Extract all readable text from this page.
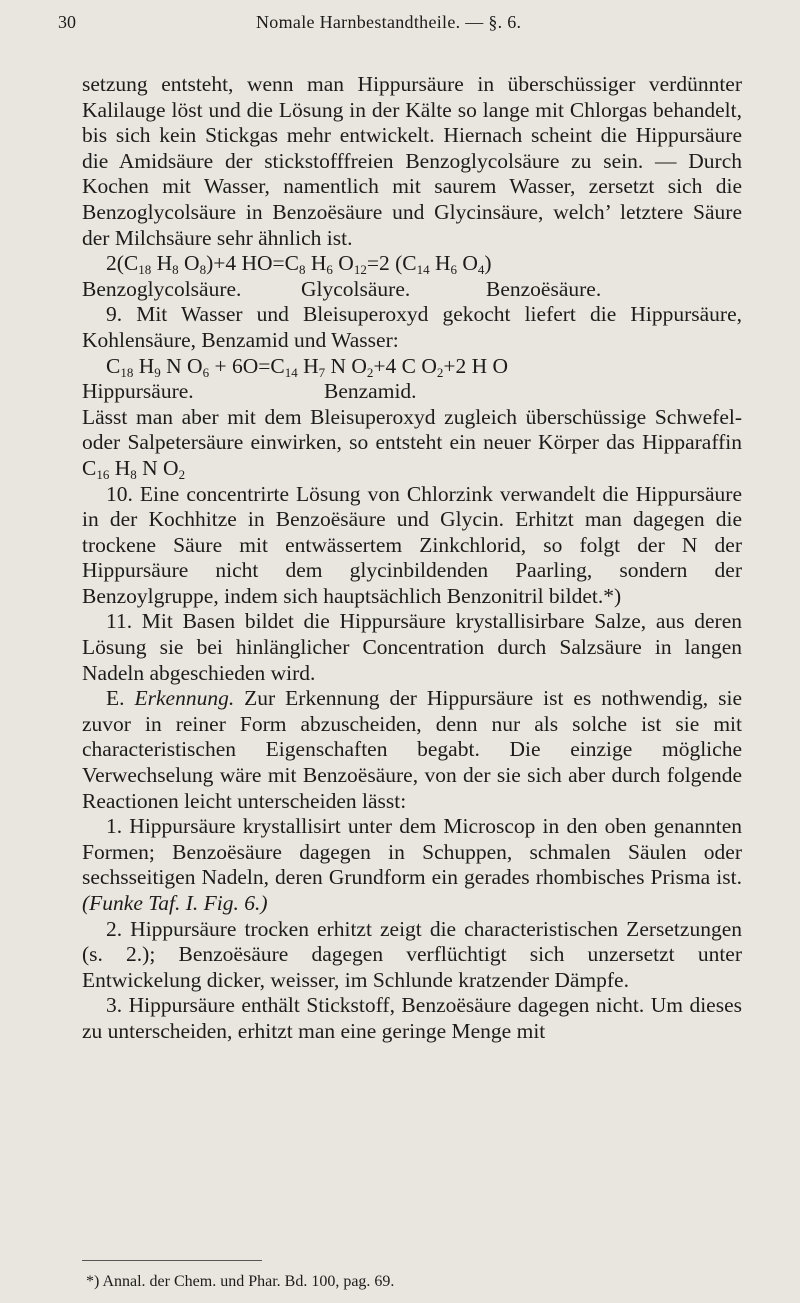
30	Nomale Harnbestandtheile. — §. 6.

setzung entsteht, wenn man Hippursäure in überschüssiger verdünnter Kalilauge löst und die Lösung in der Kälte so lange mit Chlorgas behandelt, bis sich kein Stickgas mehr entwickelt. Hiernach scheint die Hippursäure die Amidsäure der stickstofffreien Benzoglycolsäure zu sein. — Durch Kochen mit Wasser, namentlich mit saurem Wasser, zersetzt sich die Benzoglycolsäure in Benzoësäure und Glycinsäure, welch’ letztere Säure der Milchsäure sehr ähnlich ist.

$2(C_{18}$ $H_8$ $O_8)+4$ $HO=C_8$ $H_6$ $O_{12}=2$ ($C_{14}$ $H_6$ $O_4$)

Benzoglycolsäure.	Glycolsäure.	Benzoësäure.

9. Mit Wasser und Bleisuperoxyd gekocht liefert die Hippursäure, Kohlensäure, Benzamid und Wasser:

$C_{18}$ $H_9$ N $O_6 + 6O=C_{14}$ $H_7$ N $O_2+4$ C $O_2+2$ H O

Hippursäure.	Benzamid.

Lässt man aber mit dem Bleisuperoxyd zugleich überschüssige Schwefel- oder Salpetersäure einwirken, so entsteht ein neuer Körper das Hipparaffin $C_{16}$ $H_8$ N $O_2$

10. Eine concentrirte Lösung von Chlorzink verwandelt die Hippursäure in der Kochhitze in Benzoësäure und Glycin. Erhitzt man dagegen die trockene Säure mit entwässertem Zinkchlorid, so folgt der N der Hippursäure nicht dem glycinbildenden Paarling, sondern der Benzoylgruppe, indem sich hauptsächlich Benzonitril bildet.*)

11. Mit Basen bildet die Hippursäure krystallisirbare Salze, aus deren Lösung sie bei hinlänglicher Concentration durch Salzsäure in langen Nadeln abgeschieden wird.

E. Erkennung. Zur Erkennung der Hippursäure ist es nothwendig, sie zuvor in reiner Form abzuscheiden, denn nur als solche ist sie mit characteristischen Eigenschaften begabt. Die einzige mögliche Verwechselung wäre mit Benzoësäure, von der sie sich aber durch folgende Reactionen leicht unterscheiden lässt:

1. Hippursäure krystallisirt unter dem Microscop in den oben genannten Formen; Benzoësäure dagegen in Schuppen, schmalen Säulen oder sechsseitigen Nadeln, deren Grundform ein gerades rhombisches Prisma ist. (Funke Taf. I. Fig. 6.)

2. Hippursäure trocken erhitzt zeigt die characteristischen Zersetzungen (s. 2.); Benzoësäure dagegen verflüchtigt sich unzersetzt unter Entwickelung dicker, weisser, im Schlunde kratzender Dämpfe.

3. Hippursäure enthält Stickstoff, Benzoësäure dagegen nicht. Um dieses zu unterscheiden, erhitzt man eine geringe Menge mit

*) Annal. der Chem. und Phar. Bd. 100, pag. 69.
